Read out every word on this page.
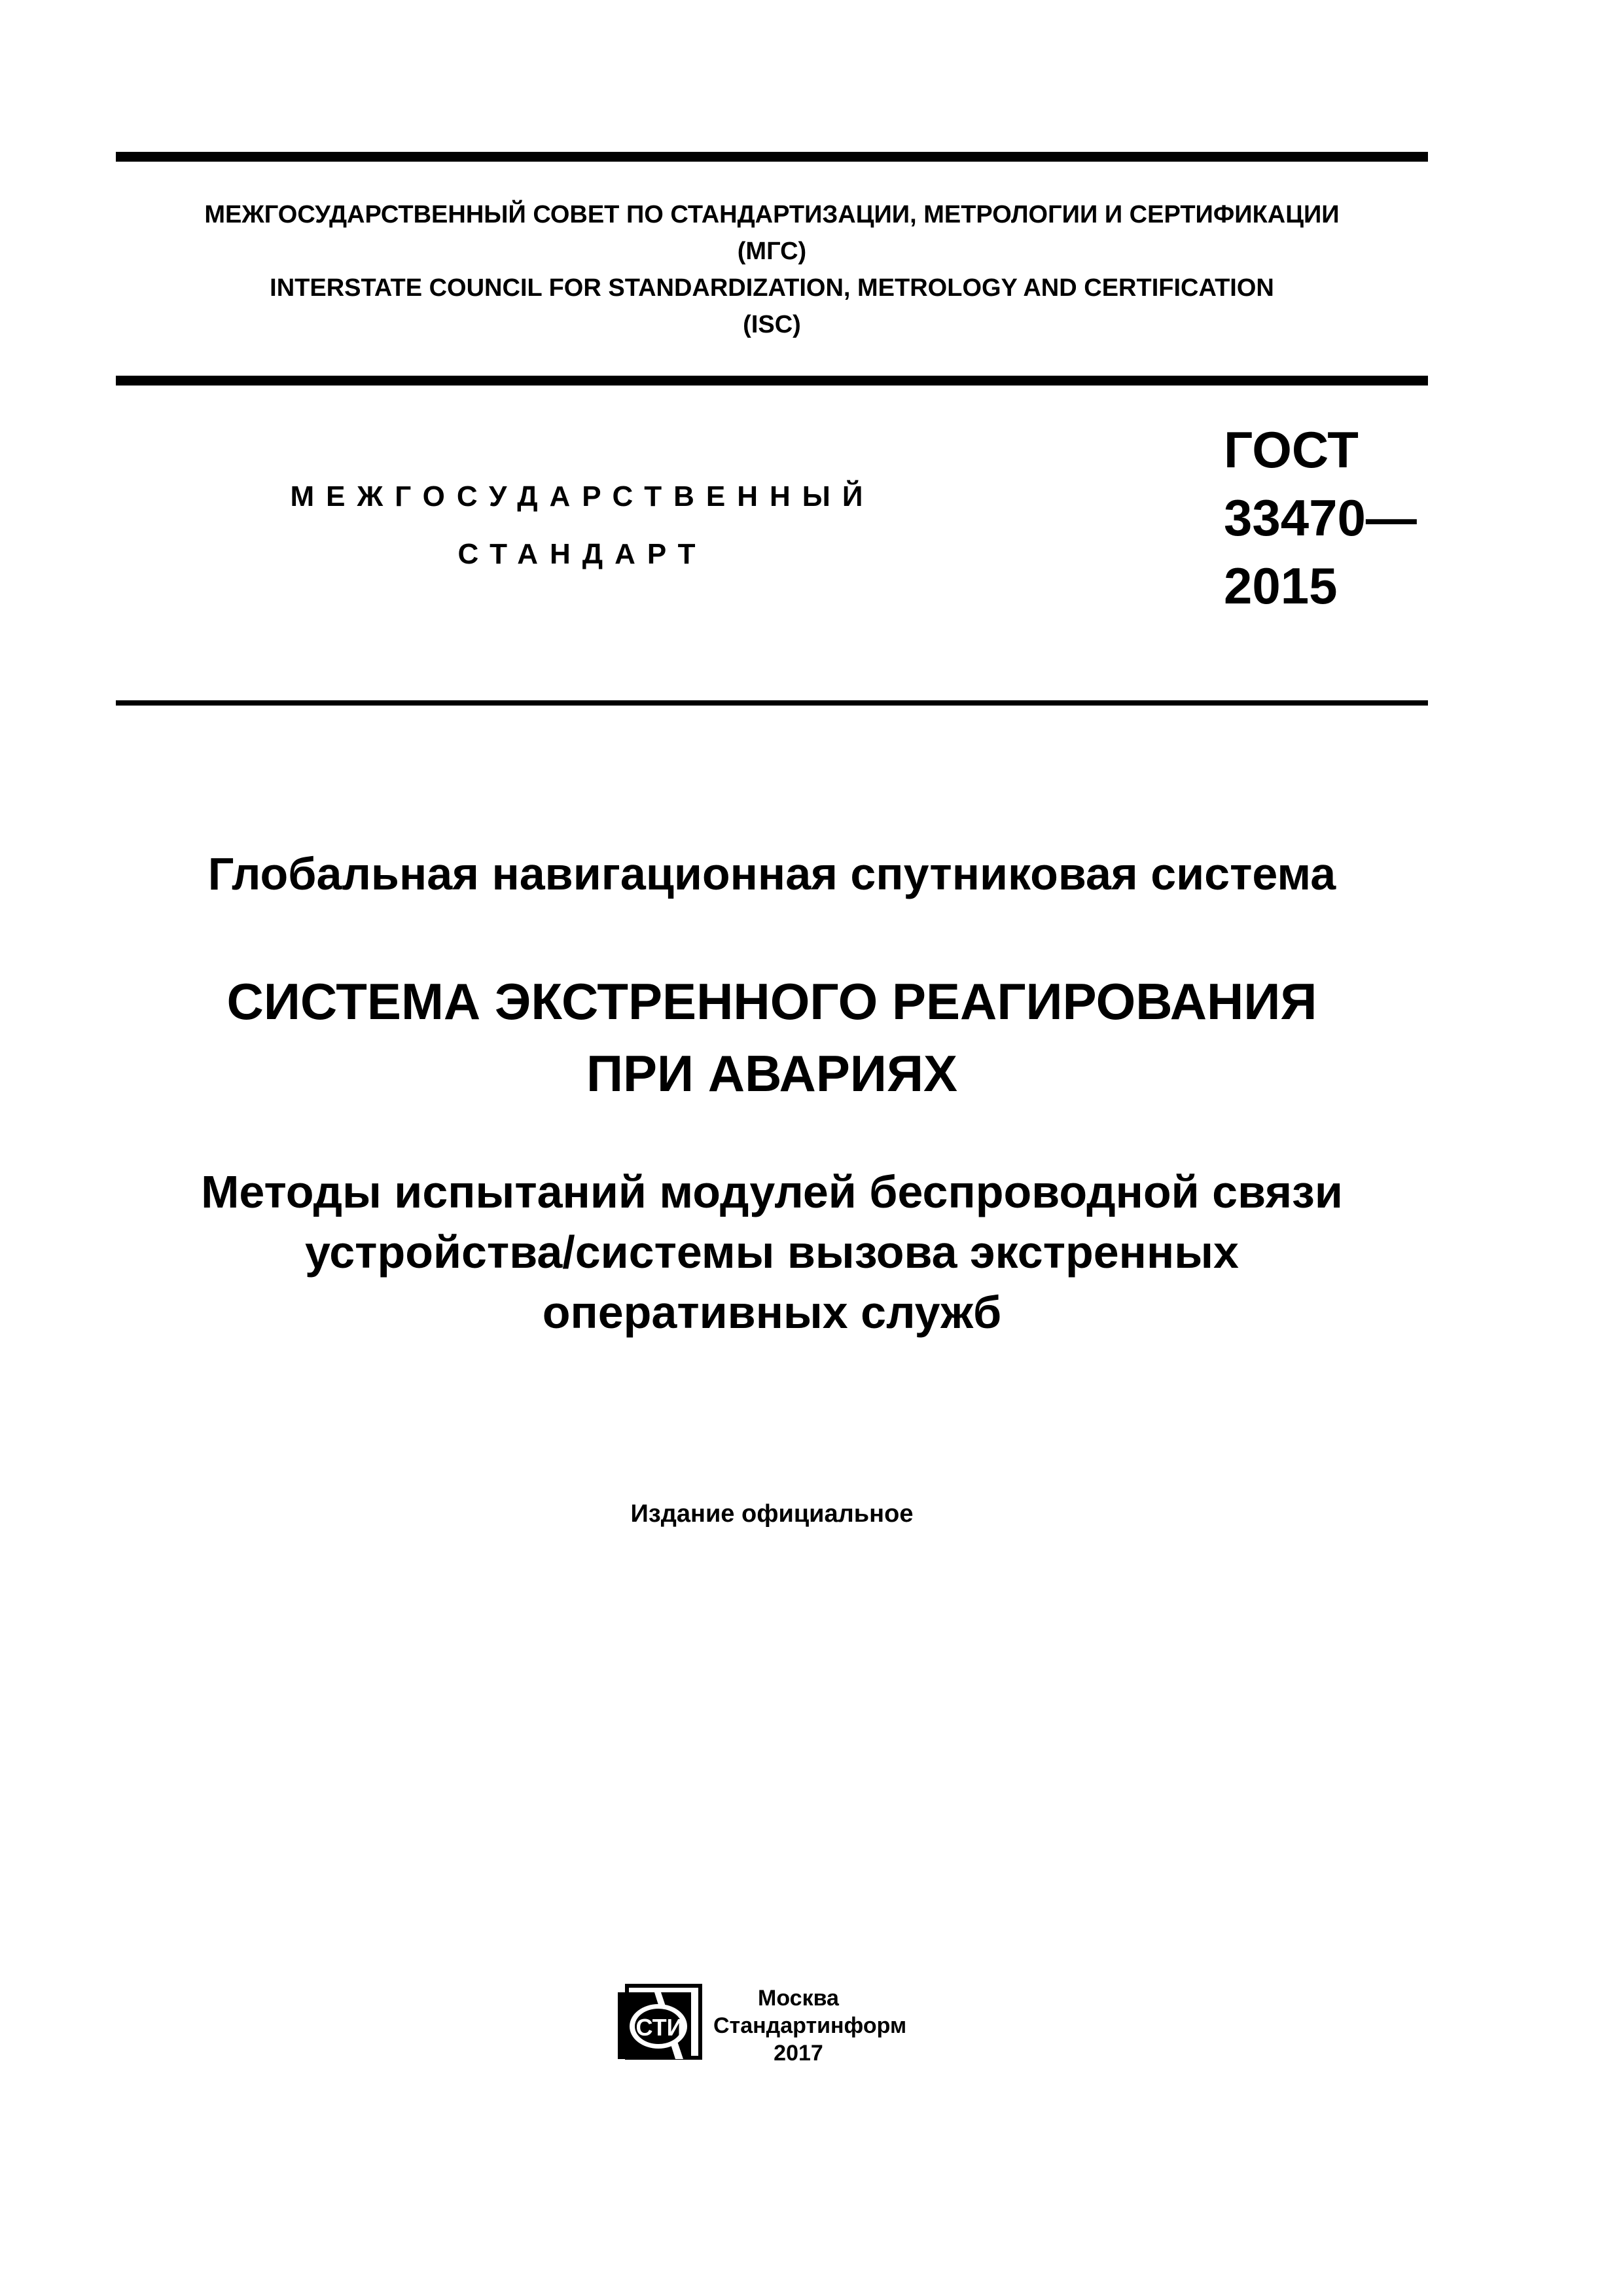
МЕЖГОСУДАРСТВЕННЫЙ СОВЕТ ПО СТАНДАРТИЗАЦИИ, МЕТРОЛОГИИ И СЕРТИФИКАЦИИ
(МГС)
INTERSTATE COUNCIL FOR STANDARDIZATION, METROLOGY AND CERTIFICATION
(ISC)
МЕЖГОСУДАРСТВЕННЫЙ
СТАНДАРТ
ГОСТ
33470—
2015
Глобальная навигационная спутниковая система
СИСТЕМА ЭКСТРЕННОГО РЕАГИРОВАНИЯ
ПРИ АВАРИЯХ
Методы испытаний модулей беспроводной связи
устройства/системы вызова экстренных
оперативных служб
Издание официальное
СТИ
Москва
Стандартинформ
2017
